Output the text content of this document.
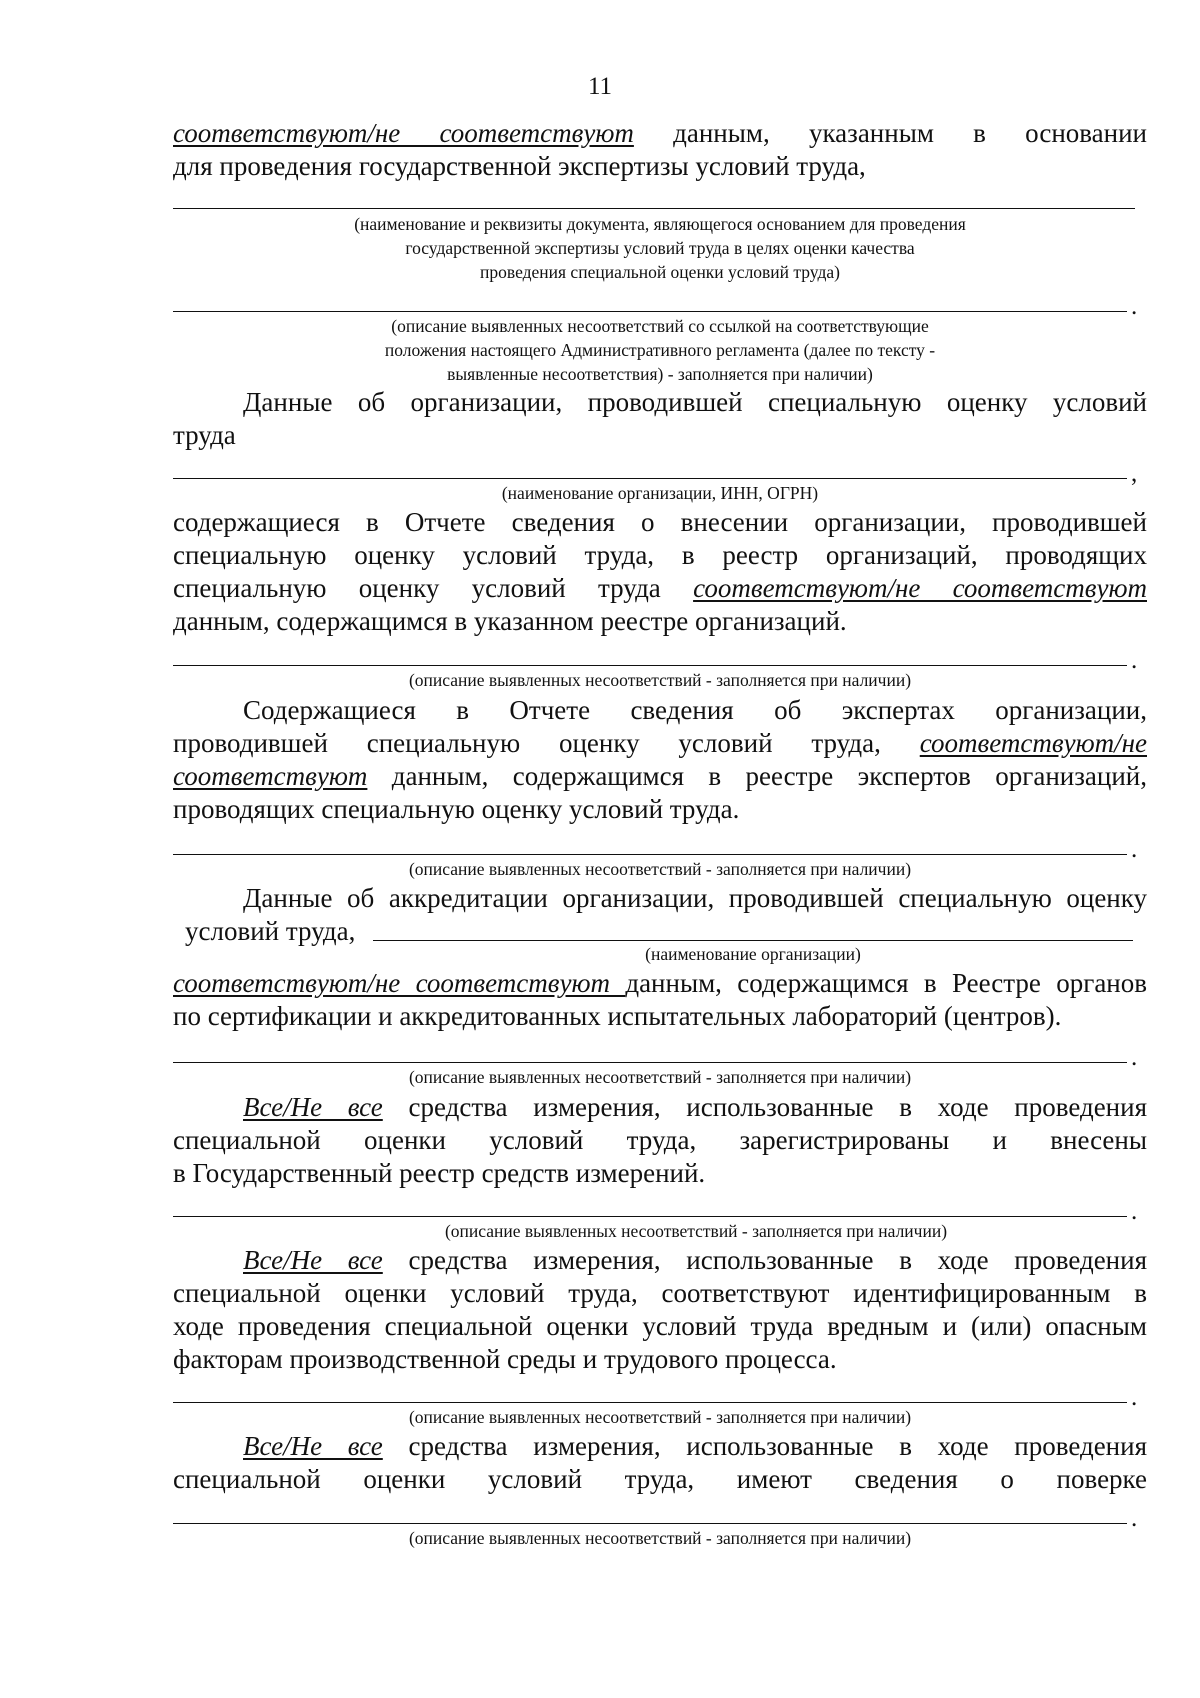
11
соответствуют/не соответствуют данным, указанным в основании
для проведения государственной экспертизы условий труда,
(наименование и реквизиты документа, являющегося основанием для проведения
государственной экспертизы условий труда в целях оценки качества
проведения специальной оценки условий труда)
.
(описание выявленных несоответствий со ссылкой на соответствующие
положения настоящего Административного регламента (далее по тексту -
выявленные несоответствия) - заполняется при наличии)
Данные об организации, проводившей специальную оценку условий
труда
,
(наименование организации, ИНН, ОГРН)
содержащиеся в Отчете сведения о внесении организации, проводившей
специальную оценку условий труда, в реестр организаций, проводящих
специальную оценку условий труда соответствуют/не соответствуют
данным, содержащимся в указанном реестре организаций.
.
(описание выявленных несоответствий - заполняется при наличии)
Содержащиеся в Отчете сведения об экспертах организации,
проводившей специальную оценку условий труда, соответствуют/не
соответствуют данным, содержащимся в реестре экспертов организаций,
проводящих специальную оценку условий труда.
.
(описание выявленных несоответствий - заполняется при наличии)
Данные об аккредитации организации, проводившей специальную оценку
условий труда,
(наименование организации)
соответствуют/не соответствуют данным, содержащимся в Реестре органов
по сертификации и аккредитованных испытательных лабораторий (центров).
.
(описание выявленных несоответствий - заполняется при наличии)
Все/Не все средства измерения, использованные в ходе проведения
специальной оценки условий труда, зарегистрированы и внесены
в Государственный реестр средств измерений.
.
(описание выявленных несоответствий - заполняется при наличии)
Все/Не все средства измерения, использованные в ходе проведения
специальной оценки условий труда, соответствуют идентифицированным в
ходе проведения специальной оценки условий труда вредным и (или) опасным
факторам производственной среды и трудового процесса.
.
(описание выявленных несоответствий - заполняется при наличии)
Все/Не все средства измерения, использованные в ходе проведения
специальной оценки условий труда, имеют сведения о поверке
.
(описание выявленных несоответствий - заполняется при наличии)
